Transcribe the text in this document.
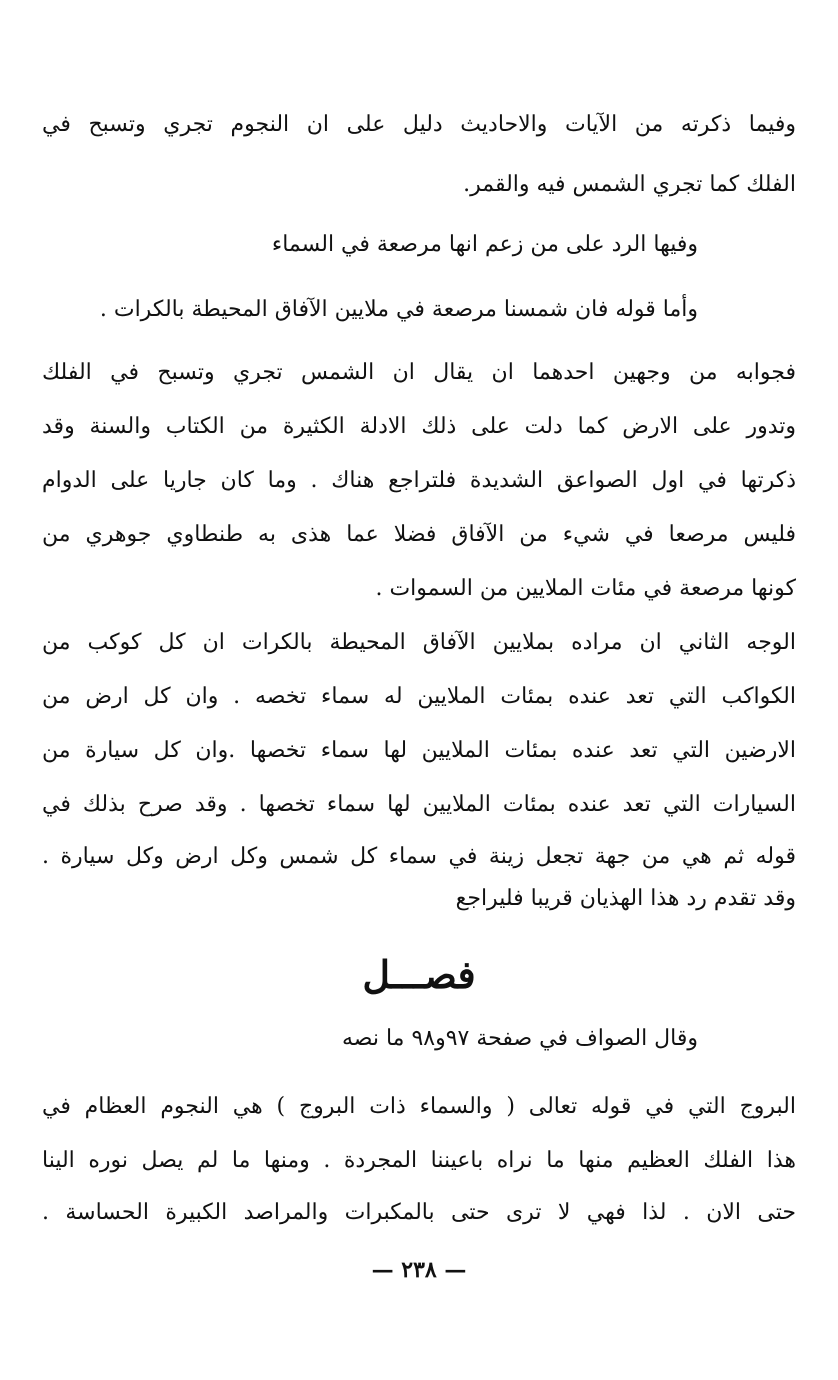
وفيما ذكرته من الآيات والاحاديث دليل على ان النجوم تجري وتسبح في
الفلك كما تجري الشمس فيه والقمر.
وفيها الرد على من زعم انها مرصعة في السماء
وأما قوله فان شمسنا مرصعة في ملايين الآفاق المحيطة بالكرات .
فجوابه من وجهين احدهما ان يقال ان الشمس تجري وتسبح في الفلك
وتدور على الارض كما دلت على ذلك الادلة الكثيرة من الكتاب والسنة وقد
ذكرتها في اول الصواعق الشديدة فلتراجع هناك . وما كان جاريا على الدوام
فليس مرصعا في شيء من الآفاق فضلا عما هذى به طنطاوي جوهري من
كونها مرصعة في مئات الملايين من السموات .
الوجه الثاني ان مراده بملايين الآفاق المحيطة بالكرات ان كل كوكب من
الكواكب التي تعد عنده بمئات الملايين له سماء تخصه . وان كل ارض من
الارضين التي تعد عنده بمئات الملايين لها سماء تخصها .وان كل سيارة من
السيارات التي تعد عنده بمئات الملايين لها سماء تخصها . وقد صرح بذلك في
قوله ثم هي من جهة تجعل زينة في سماء كل شمس وكل ارض وكل سيارة .
وقد تقدم رد هذا الهذيان قريبا فليراجع
فصـــل
وقال الصواف في صفحة ٩٧و٩٨ ما نصه
البروج التي في قوله تعالى ( والسماء ذات البروج ) هي النجوم العظام في
هذا الفلك العظيم منها ما نراه باعيننا المجردة . ومنها ما لم يصل نوره الينا
حتى الان . لذا فهي لا ترى حتى بالمكبرات والمراصد الكبيرة الحساسة .
— ٢٣٨ —
